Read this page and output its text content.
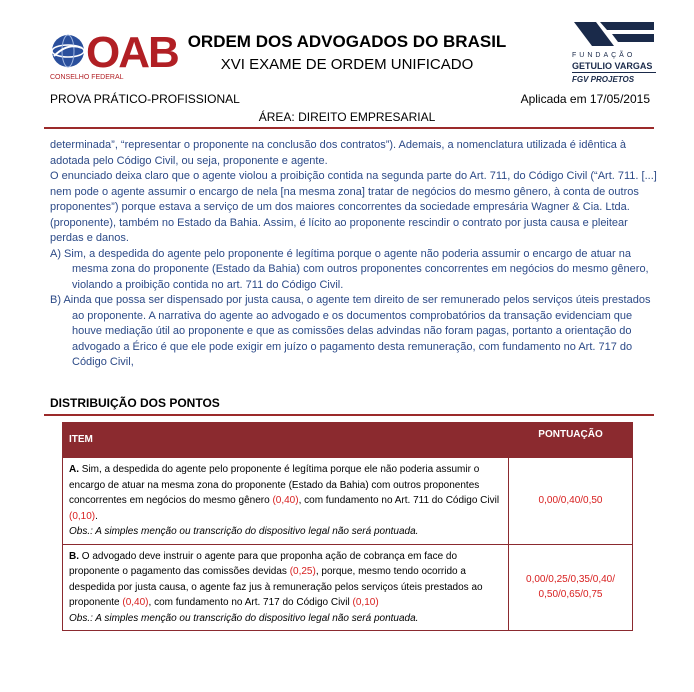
OAB
CONSELHO FEDERAL
ORDEM DOS ADVOGADOS DO BRASIL
XVI EXAME DE ORDEM UNIFICADO
FUNDAÇÃO
GETULIO VARGAS
FGV PROJETOS
PROVA PRÁTICO-PROFISSIONAL	Aplicada em 17/05/2015
ÁREA: DIREITO EMPRESARIAL

determinada”, “representar o proponente na conclusão dos contratos”). Ademais, a nomenclatura utilizada é idêntica à adotada pelo Código Civil, ou seja, proponente e agente.

O enunciado deixa claro que o agente violou a proibição contida na segunda parte do Art. 711, do Código Civil (“Art. 711. [...] nem pode o agente assumir o encargo de nela [na mesma zona] tratar de negócios do mesmo gênero, à conta de outros proponentes”) porque estava a serviço de um dos maiores concorrentes da sociedade empresária Wagner & Cia. Ltda. (proponente), também no Estado da Bahia. Assim, é lícito ao proponente rescindir o contrato por justa causa e pleitear perdas e danos.

A) Sim, a despedida do agente pelo proponente é legítima porque o agente não poderia assumir o encargo de atuar na mesma zona do proponente (Estado da Bahia) com outros proponentes concorrentes em negócios do mesmo gênero, violando a proibição contida no art. 711 do Código Civil.

B) Ainda que possa ser dispensado por justa causa, o agente tem direito de ser remunerado pelos serviços úteis prestados ao proponente. A narrativa do agente ao advogado e os documentos comprobatórios da transação evidenciam que houve mediação útil ao proponente e que as comissões delas advindas não foram pagas, portanto a orientação do advogado a Érico é que ele pode exigir em juízo o pagamento desta remuneração, com fundamento no Art. 717 do Código Civil,

DISTRIBUIÇÃO DOS PONTOS
ITEM	PONTUAÇÃO
A. Sim, a despedida do agente pelo proponente é legítima porque ele não poderia assumir o encargo de atuar na mesma zona do proponente (Estado da Bahia) com outros proponentes concorrentes em negócios do mesmo gênero (0,40), com fundamento no Art. 711 do Código Civil (0,10).
Obs.: A simples menção ou transcrição do dispositivo legal não será pontuada.	0,00/0,40/0,50
B. O advogado deve instruir o agente para que proponha ação de cobrança em face do proponente o pagamento das comissões devidas (0,25), porque, mesmo tendo ocorrido a despedida por justa causa, o agente faz jus à remuneração pelos serviços úteis prestados ao proponente (0,40), com fundamento no Art. 717 do Código Civil (0,10)
Obs.: A simples menção ou transcrição do dispositivo legal não será pontuada.	0,00/0,25/0,35/0,40/
0,50/0,65/0,75
